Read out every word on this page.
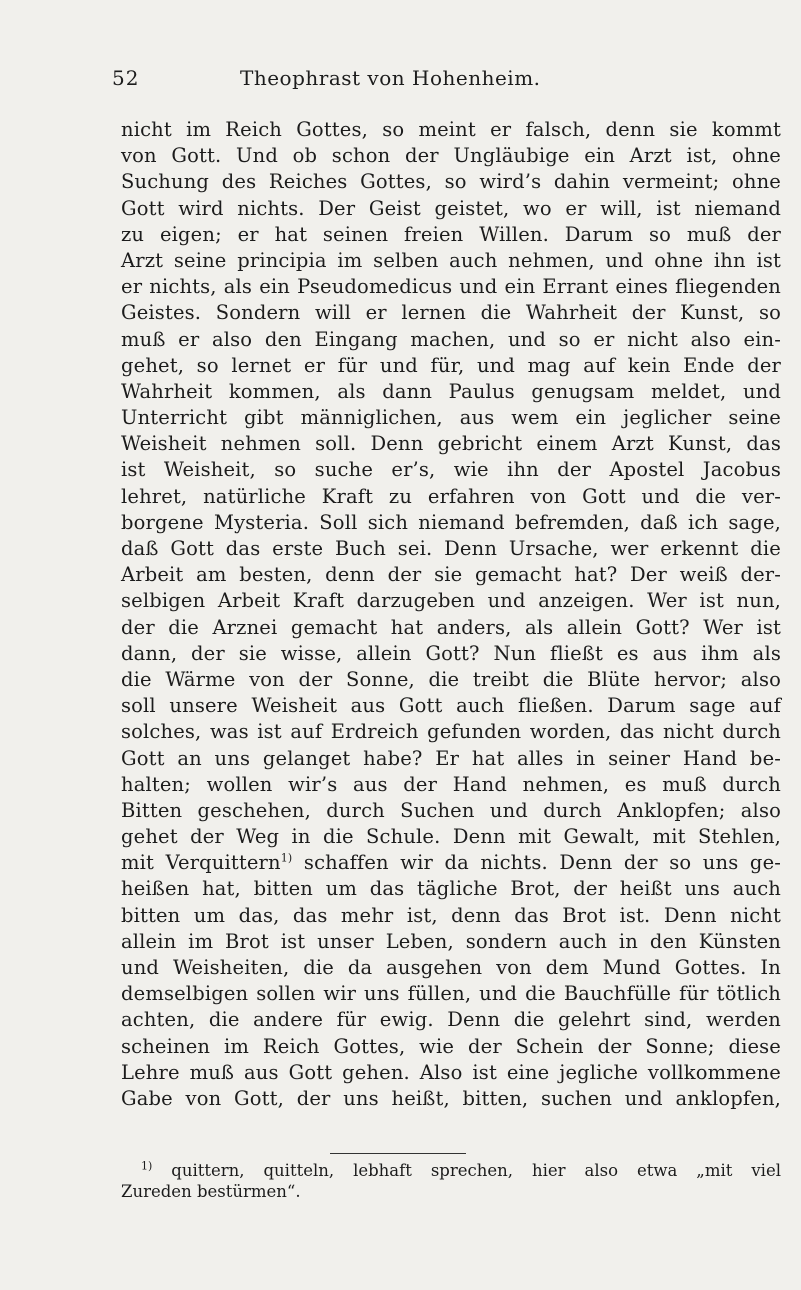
52	Theophrast von Hohenheim.
nicht im Reich Gottes, so meint er falsch, denn sie kommt
von Gott. Und ob schon der Ungläubige ein Arzt ist, ohne
Suchung des Reiches Gottes, so wird’s dahin vermeint; ohne
Gott wird nichts. Der Geist geistet, wo er will, ist niemand
zu eigen; er hat seinen freien Willen. Darum so muß der
Arzt seine principia im selben auch nehmen, und ohne ihn ist
er nichts, als ein Pseudomedicus und ein Errant eines fliegenden
Geistes. Sondern will er lernen die Wahrheit der Kunst, so
muß er also den Eingang machen, und so er nicht also ein-
gehet, so lernet er für und für, und mag auf kein Ende der
Wahrheit kommen, als dann Paulus genugsam meldet, und
Unterricht gibt männiglichen, aus wem ein jeglicher seine
Weisheit nehmen soll. Denn gebricht einem Arzt Kunst, das
ist Weisheit, so suche er’s, wie ihn der Apostel Jacobus
lehret, natürliche Kraft zu erfahren von Gott und die ver-
borgene Mysteria. Soll sich niemand befremden, daß ich sage,
daß Gott das erste Buch sei. Denn Ursache, wer erkennt die
Arbeit am besten, denn der sie gemacht hat? Der weiß der-
selbigen Arbeit Kraft darzugeben und anzeigen. Wer ist nun,
der die Arznei gemacht hat anders, als allein Gott? Wer ist
dann, der sie wisse, allein Gott? Nun fließt es aus ihm als
die Wärme von der Sonne, die treibt die Blüte hervor; also
soll unsere Weisheit aus Gott auch fließen. Darum sage auf
solches, was ist auf Erdreich gefunden worden, das nicht durch
Gott an uns gelanget habe? Er hat alles in seiner Hand be-
halten; wollen wir’s aus der Hand nehmen, es muß durch
Bitten geschehen, durch Suchen und durch Anklopfen; also
gehet der Weg in die Schule. Denn mit Gewalt, mit Stehlen,
mit Verquittern$^{1)}$ schaffen wir da nichts. Denn der so uns ge-
heißen hat, bitten um das tägliche Brot, der heißt uns auch
bitten um das, das mehr ist, denn das Brot ist. Denn nicht
allein im Brot ist unser Leben, sondern auch in den Künsten
und Weisheiten, die da ausgehen von dem Mund Gottes. In
demselbigen sollen wir uns füllen, und die Bauchfülle für tötlich
achten, die andere für ewig. Denn die gelehrt sind, werden
scheinen im Reich Gottes, wie der Schein der Sonne; diese
Lehre muß aus Gott gehen. Also ist eine jegliche vollkommene
Gabe von Gott, der uns heißt, bitten, suchen und anklopfen,
$^{1)}$ quittern, quitteln, lebhaft sprechen, hier also etwa „mit viel
Zureden bestürmen“.
